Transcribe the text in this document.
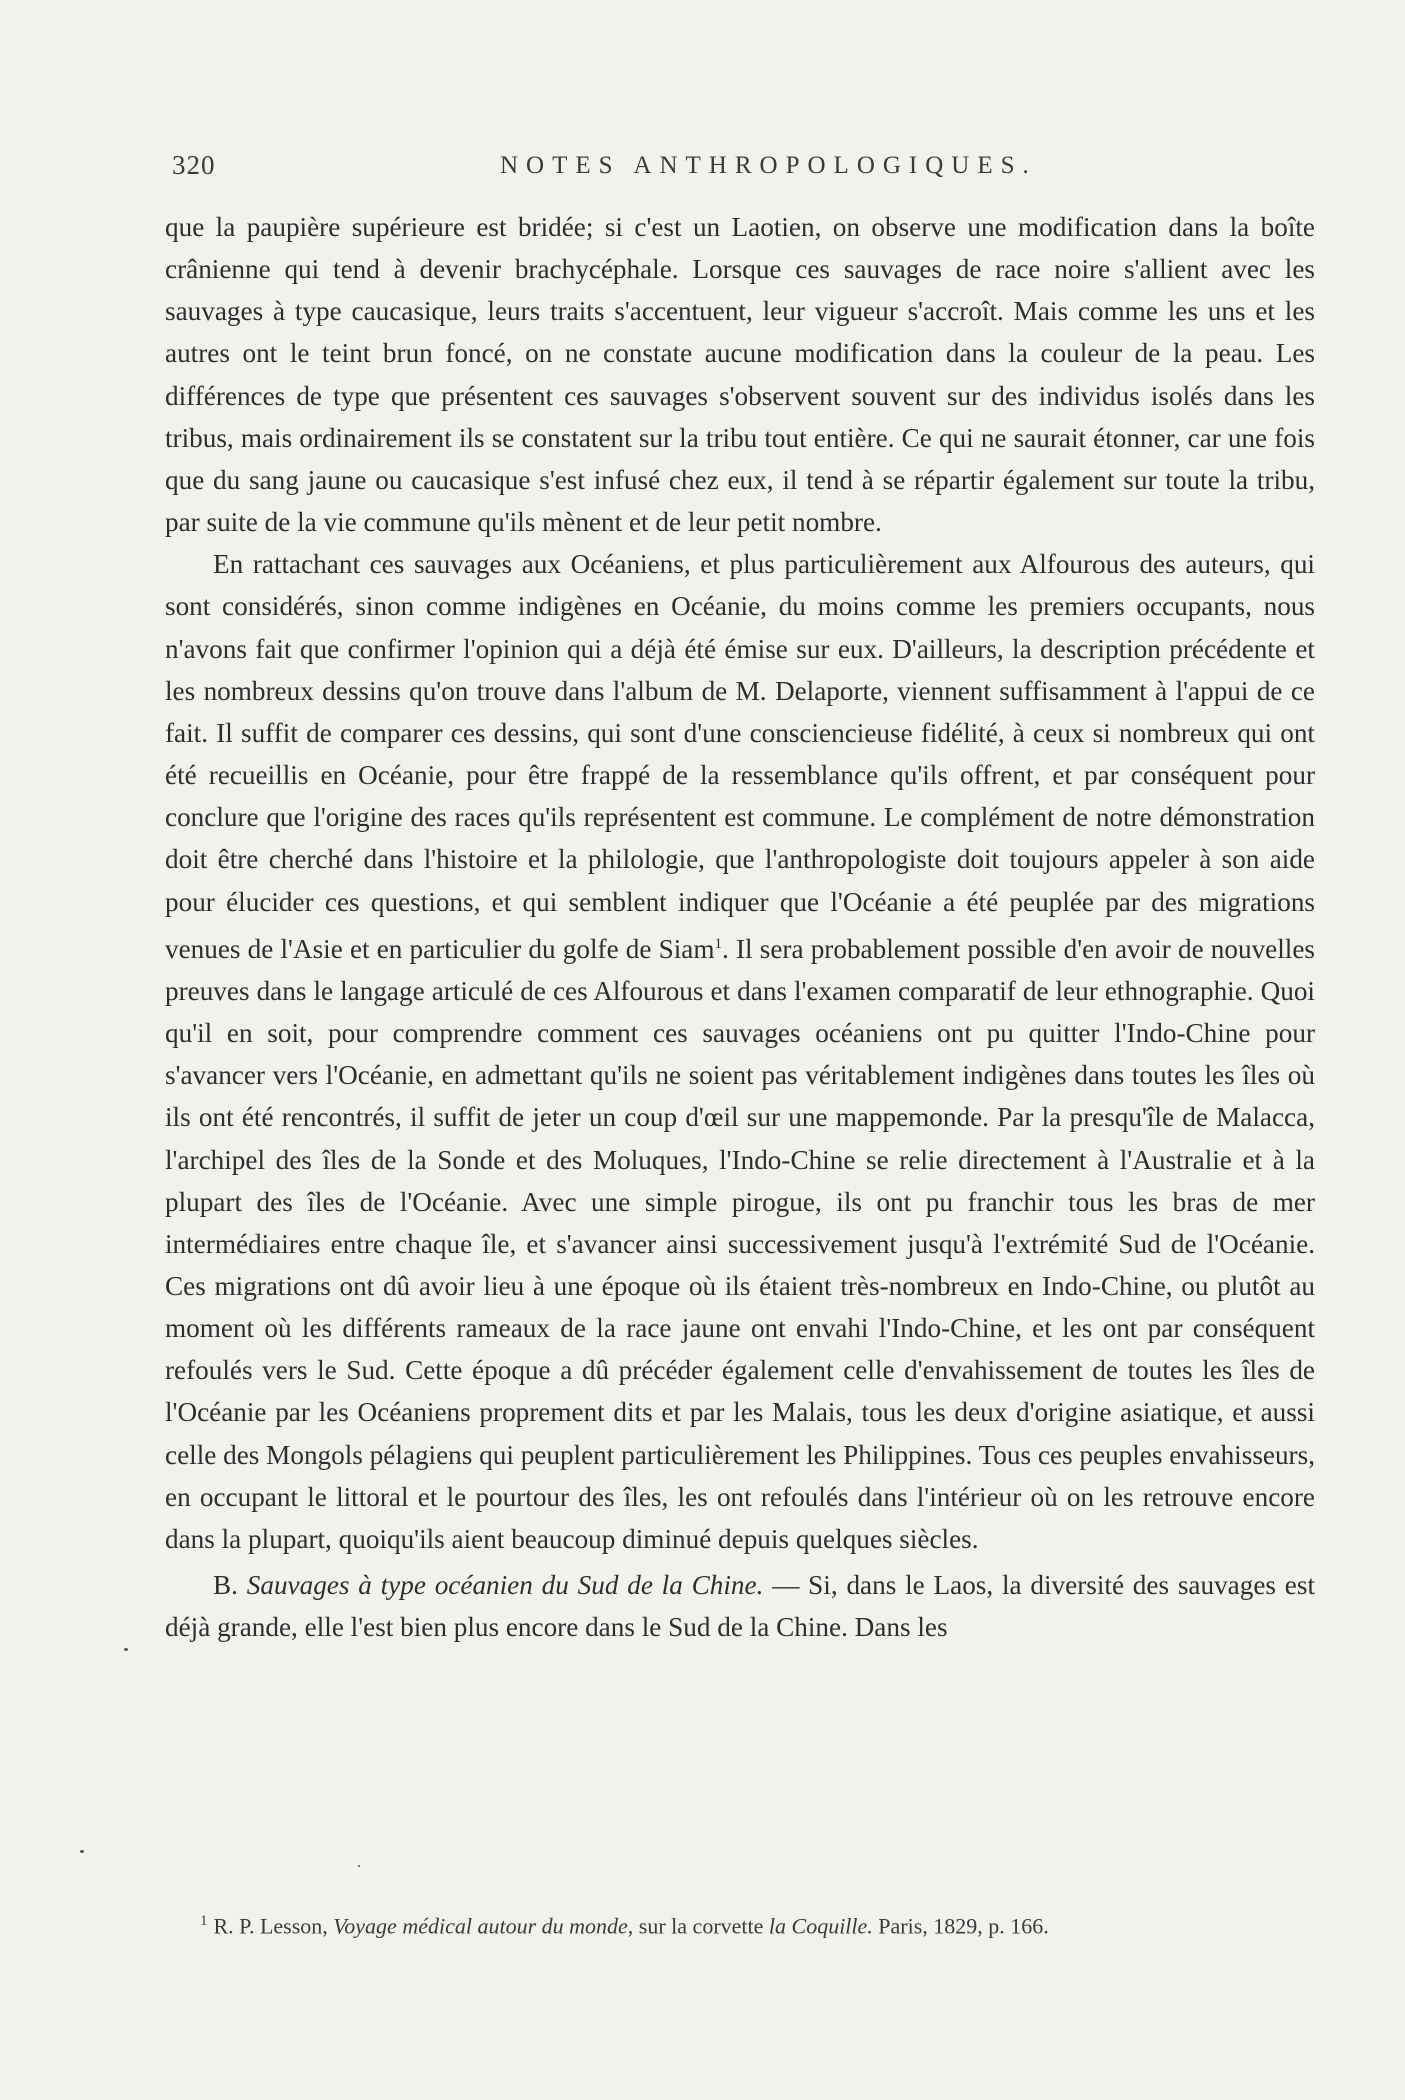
320	NOTES ANTHROPOLOGIQUES.

que la paupière supérieure est bridée; si c'est un Laotien, on observe une modification dans la boîte crânienne qui tend à devenir brachycéphale. Lorsque ces sauvages de race noire s'allient avec les sauvages à type caucasique, leurs traits s'accentuent, leur vigueur s'accroît. Mais comme les uns et les autres ont le teint brun foncé, on ne constate aucune modification dans la couleur de la peau. Les différences de type que présentent ces sauvages s'observent souvent sur des individus isolés dans les tribus, mais ordinairement ils se constatent sur la tribu tout entière. Ce qui ne saurait étonner, car une fois que du sang jaune ou caucasique s'est infusé chez eux, il tend à se répartir également sur toute la tribu, par suite de la vie commune qu'ils mènent et de leur petit nombre.

En rattachant ces sauvages aux Océaniens, et plus particulièrement aux Alfourous des auteurs, qui sont considérés, sinon comme indigènes en Océanie, du moins comme les premiers occupants, nous n'avons fait que confirmer l'opinion qui a déjà été émise sur eux. D'ailleurs, la description précédente et les nombreux dessins qu'on trouve dans l'album de M. Delaporte, viennent suffisamment à l'appui de ce fait. Il suffit de comparer ces dessins, qui sont d'une consciencieuse fidélité, à ceux si nombreux qui ont été recueillis en Océanie, pour être frappé de la ressemblance qu'ils offrent, et par conséquent pour conclure que l'origine des races qu'ils représentent est commune. Le complément de notre démonstration doit être cherché dans l'histoire et la philologie, que l'anthropologiste doit toujours appeler à son aide pour élucider ces questions, et qui semblent indiquer que l'Océanie a été peuplée par des migrations venues de l'Asie et en particulier du golfe de Siam$^1$. Il sera probablement possible d'en avoir de nouvelles preuves dans le langage articulé de ces Alfourous et dans l'examen comparatif de leur ethnographie. Quoi qu'il en soit, pour comprendre comment ces sauvages océaniens ont pu quitter l'Indo-Chine pour s'avancer vers l'Océanie, en admettant qu'ils ne soient pas véritablement indigènes dans toutes les îles où ils ont été rencontrés, il suffit de jeter un coup d'œil sur une mappemonde. Par la presqu'île de Malacca, l'archipel des îles de la Sonde et des Moluques, l'Indo-Chine se relie directement à l'Australie et à la plupart des îles de l'Océanie. Avec une simple pirogue, ils ont pu franchir tous les bras de mer intermédiaires entre chaque île, et s'avancer ainsi successivement jusqu'à l'extrémité Sud de l'Océanie. Ces migrations ont dû avoir lieu à une époque où ils étaient très-nombreux en Indo-Chine, ou plutôt au moment où les différents rameaux de la race jaune ont envahi l'Indo-Chine, et les ont par conséquent refoulés vers le Sud. Cette époque a dû précéder également celle d'envahissement de toutes les îles de l'Océanie par les Océaniens proprement dits et par les Malais, tous les deux d'origine asiatique, et aussi celle des Mongols pélagiens qui peuplent particulièrement les Philippines. Tous ces peuples envahisseurs, en occupant le littoral et le pourtour des îles, les ont refoulés dans l'intérieur où on les retrouve encore dans la plupart, quoiqu'ils aient beaucoup diminué depuis quelques siècles.

B. Sauvages à type océanien du Sud de la Chine. — Si, dans le Laos, la diversité des sauvages est déjà grande, elle l'est bien plus encore dans le Sud de la Chine. Dans les

$^1$ R. P. Lesson, Voyage médical autour du monde, sur la corvette la Coquille. Paris, 1829, p. 166.
